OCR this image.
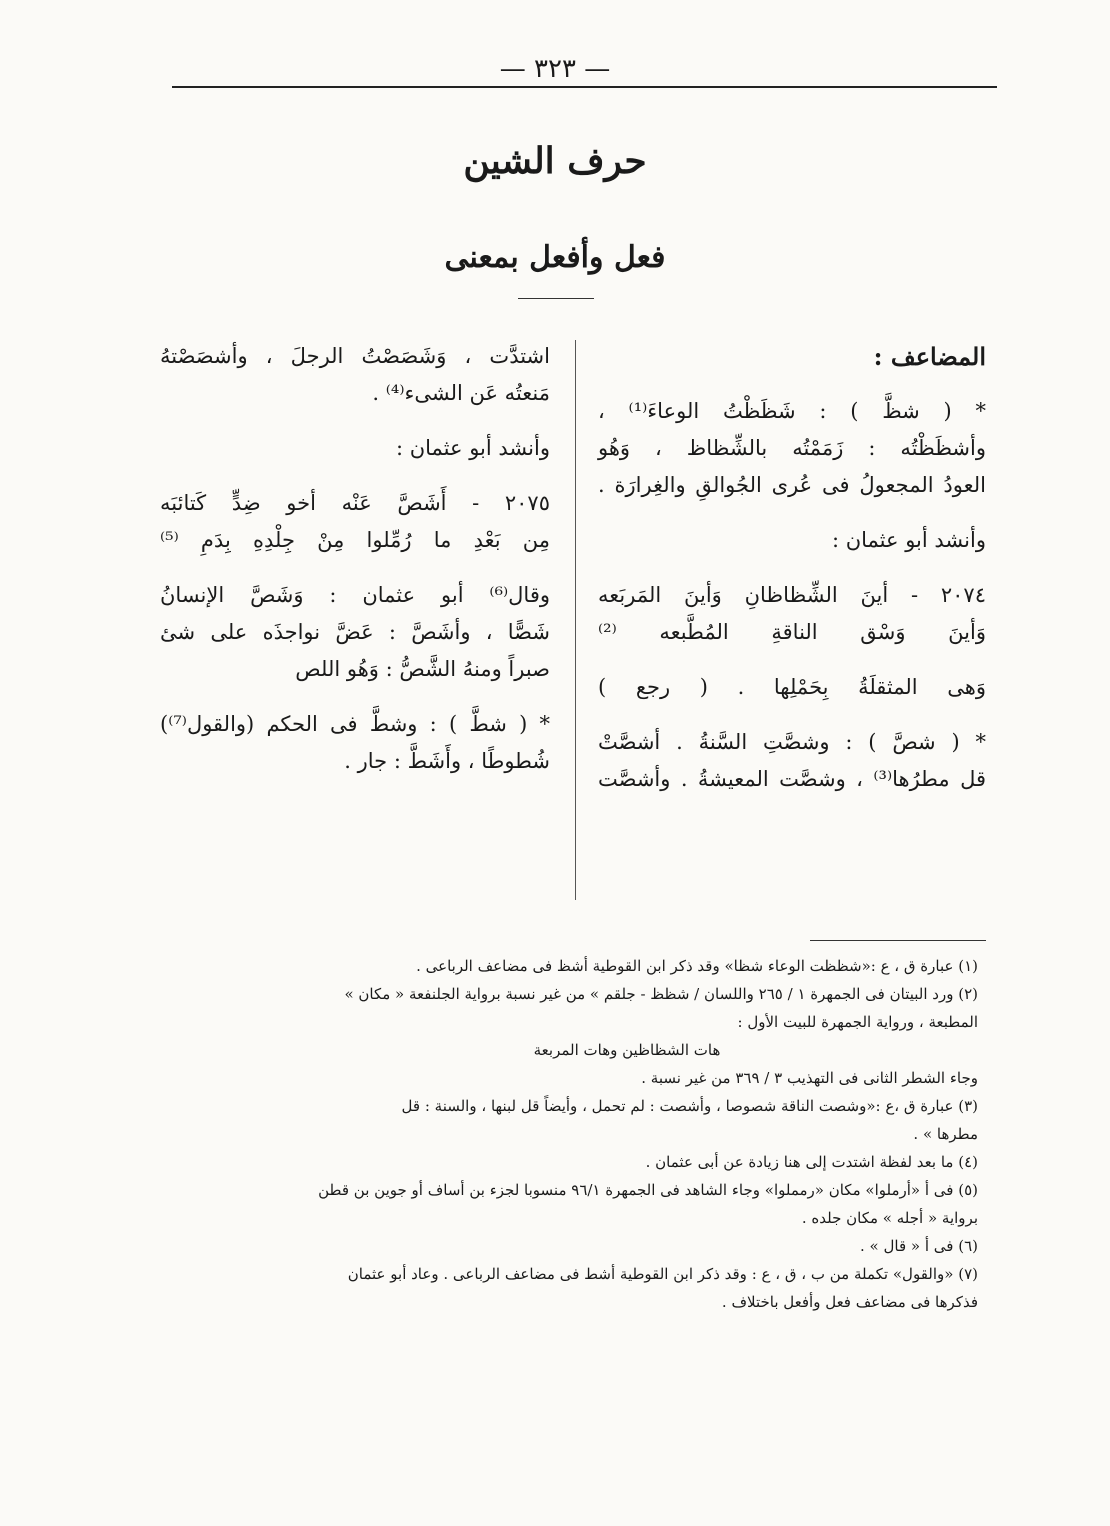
— ٣٢٣ —
حرف الشين
فعل وأفعل بمعنى
المضاعف :
* ( شظَّ ) : شَظَظْتُ الوعاءَ⁽¹⁾ ،
وأشظَظْتُه : زَمَمْتُه بالشِّظاظ ، وَهُو
العودُ المجعولُ فى عُرى الجُوالقِ والغِرارَة .
وأنشد أبو عثمان :
٢٠٧٤ - أينَ الشِّظاظانِ وَأينَ المَربَعه
وَأينَ وَسْق الناقةِ المُطَّبعه ⁽²⁾
وَهى المثقلَةُ بِحَمْلِها . ( رجع )
* ( شصَّ ) : وشصَّتِ السَّنةُ . أشصَّتْ
قل مطرُها⁽³⁾ ، وشصَّت المعيشةُ . وأشصَّت
اشتدَّت ، وَشَصَصْتُ الرجلَ ، وأشصَصْتهُ
مَنعتُه عَن الشىء⁽⁴⁾ .
وأنشد أبو عثمان :
٢٠٧٥ - أَشَصَّ عَنْه أخو ضِدٍّ كَتائبَه
مِن بَعْدِ ما رُمِّلوا مِنْ جِلْدِهِ بِدَمِ ⁽⁵⁾
وقال⁽⁶⁾ أبو عثمان : وَشَصَّ الإنسانُ
شَصًّا ، وأشَصَّ : عَضَّ نواجذَه على شئ
صبراً ومنهُ الشَّصُّ : وَهُو اللص
* ( شطَّ ) : وشطَّ فى الحكم (والقول⁽⁷⁾)
شُطوطًا ، وأَشَطَّ : جار .
(١) عبارة ق ، ع :«شظظت الوعاء شظا» وقد ذكر ابن القوطية أشظ فى مضاعف الرباعى .
(٢) ورد البيتان فى الجمهرة ١ / ٢٦٥ واللسان / شظظ - جلقم » من غير نسبة برواية الجلنفعة « مكان »
المطبعة ، ورواية الجمهرة للبيت الأول :
هات الشظاظين وهات المربعة
وجاء الشطر الثانى فى التهذيب ٣ / ٣٦٩ من غير نسبة .
(٣) عبارة ق ،ع :«وشصت الناقة شصوصا ، وأشصت : لم تحمل ، وأيضاً قل لبنها ، والسنة : قل
مطرها » .
(٤) ما بعد لفظة اشتدت إلى هنا زيادة عن أبى عثمان .
(٥) فى أ «أرملوا» مكان «رمملوا» وجاء الشاهد فى الجمهرة ٩٦/١ منسوبا لجزء بن أساف أو جوين بن قطن
برواية « أجله » مكان جلده .
(٦) فى أ « قال » .
(٧) «والقول» تكملة من ب ، ق ، ع : وقد ذكر ابن القوطية أشط فى مضاعف الرباعى . وعاد أبو عثمان
فذكرها فى مضاعف فعل وأفعل باختلاف .
